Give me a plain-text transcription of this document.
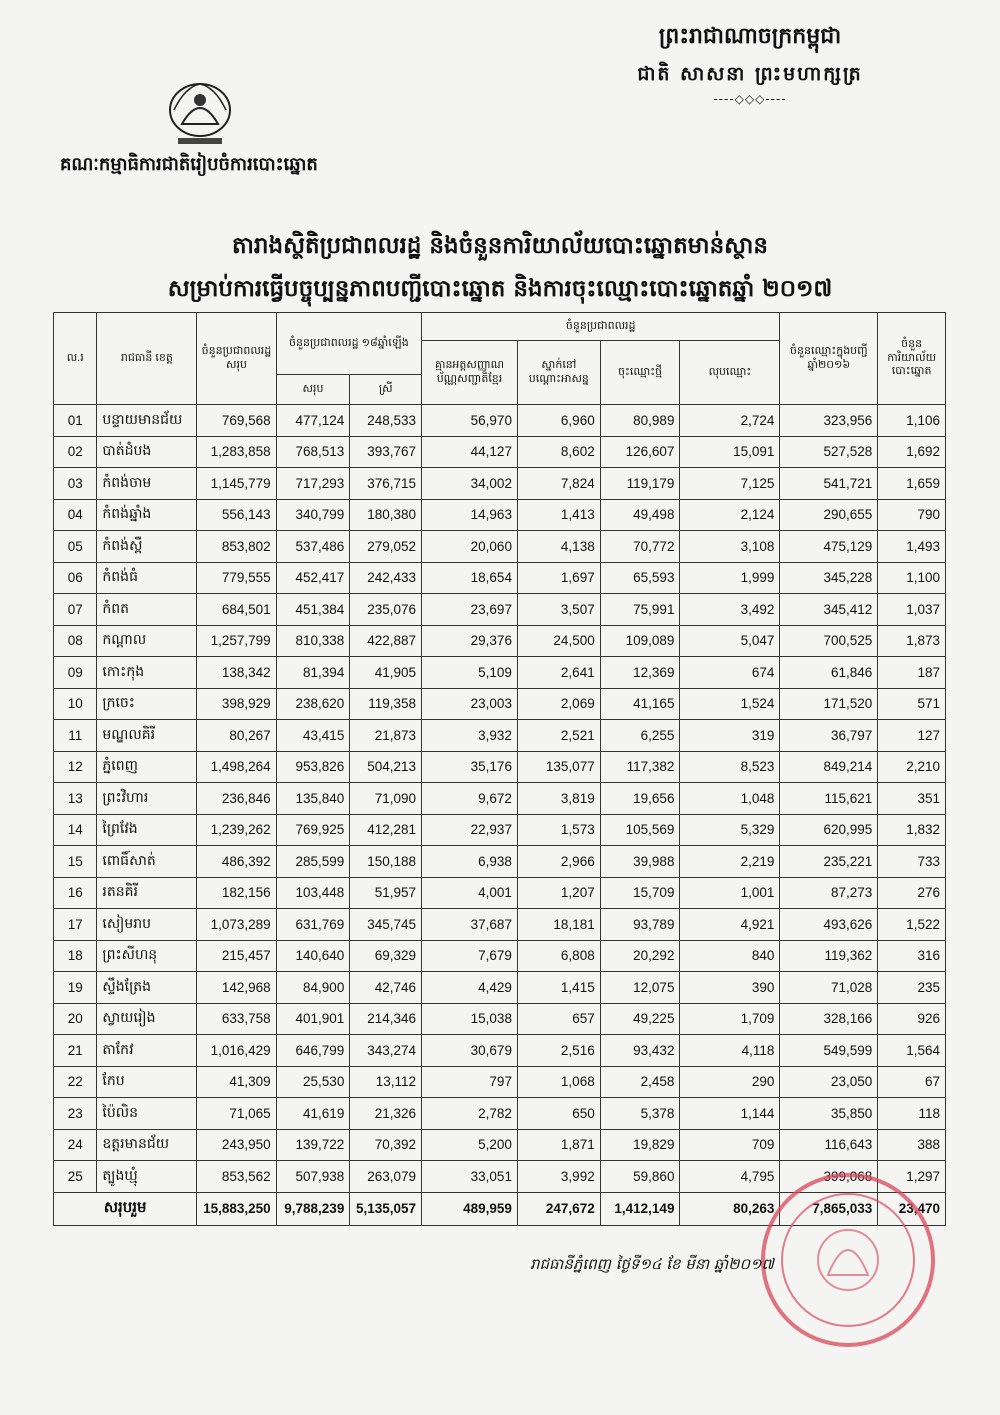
ព្រះរាជាណាចក្រកម្ពុជា
ជាតិ សាសនា ព្រះមហាក្សត្រ
----◇◇◇----
គណៈកម្មាធិការជាតិរៀបចំការបោះឆ្នោត
តារាងស្ថិតិប្រជាពលរដ្ឋ និងចំនួនការិយាល័យបោះឆ្នោតមាន់ស្ថាន
សម្រាប់ការធ្វើបច្ចុប្បន្នភាពបញ្ជីបោះឆ្នោត និងការចុះឈ្មោះបោះឆ្នោតឆ្នាំ ២០១៧
ល.រ	រាជធានី ខេត្ត	ចំនួនប្រជាពលរដ្ឋសរុប	ចំនួនប្រជាពលរដ្ឋ ១៨ឆ្នាំឡើង		ចំនួនប្រជាពលរដ្ឋ				ចំនួនឈ្មោះក្នុងបញ្ជីឆ្នាំ២០១៦	ចំនួនការិយាល័យបោះឆ្នោត
					គ្មានអត្តសញ្ញាណប័ណ្ណសញ្ជាតិខ្មែរ	ស្នាក់នៅបណ្ដោះអាសន្ន	ចុះឈ្មោះថ្មី	លុបឈ្មោះ		
			សរុប	ស្រី						
01	បន្ទាយមានជ័យ	769,568	477,124	248,533	56,970	6,960	80,989	2,724	323,956	1,106
02	បាត់ដំបង	1,283,858	768,513	393,767	44,127	8,602	126,607	15,091	527,528	1,692
03	កំពង់ចាម	1,145,779	717,293	376,715	34,002	7,824	119,179	7,125	541,721	1,659
04	កំពង់ឆ្នាំង	556,143	340,799	180,380	14,963	1,413	49,498	2,124	290,655	790
05	កំពង់ស្ពឺ	853,802	537,486	279,052	20,060	4,138	70,772	3,108	475,129	1,493
06	កំពង់ធំ	779,555	452,417	242,433	18,654	1,697	65,593	1,999	345,228	1,100
07	កំពត	684,501	451,384	235,076	23,697	3,507	75,991	3,492	345,412	1,037
08	កណ្ដាល	1,257,799	810,338	422,887	29,376	24,500	109,089	5,047	700,525	1,873
09	កោះកុង	138,342	81,394	41,905	5,109	2,641	12,369	674	61,846	187
10	ក្រចេះ	398,929	238,620	119,358	23,003	2,069	41,165	1,524	171,520	571
11	មណ្ឌលគិរី	80,267	43,415	21,873	3,932	2,521	6,255	319	36,797	127
12	ភ្នំពេញ	1,498,264	953,826	504,213	35,176	135,077	117,382	8,523	849,214	2,210
13	ព្រះវិហារ	236,846	135,840	71,090	9,672	3,819	19,656	1,048	115,621	351
14	ព្រៃវែង	1,239,262	769,925	412,281	22,937	1,573	105,569	5,329	620,995	1,832
15	ពោធិ៍សាត់	486,392	285,599	150,188	6,938	2,966	39,988	2,219	235,221	733
16	រតនគិរី	182,156	103,448	51,957	4,001	1,207	15,709	1,001	87,273	276
17	សៀមរាប	1,073,289	631,769	345,745	37,687	18,181	93,789	4,921	493,626	1,522
18	ព្រះសីហនុ	215,457	140,640	69,329	7,679	6,808	20,292	840	119,362	316
19	ស្ទឹងត្រែង	142,968	84,900	42,746	4,429	1,415	12,075	390	71,028	235
20	ស្វាយរៀង	633,758	401,901	214,346	15,038	657	49,225	1,709	328,166	926
21	តាកែវ	1,016,429	646,799	343,274	30,679	2,516	93,432	4,118	549,599	1,564
22	កែប	41,309	25,530	13,112	797	1,068	2,458	290	23,050	67
23	ប៉ៃលិន	71,065	41,619	21,326	2,782	650	5,378	1,144	35,850	118
24	ឧត្ដរមានជ័យ	243,950	139,722	70,392	5,200	1,871	19,829	709	116,643	388
25	ត្បូងឃ្មុំ	853,562	507,938	263,079	33,051	3,992	59,860	4,795	399,068	1,297
សរុបរួម		15,883,250	9,788,239	5,135,057	489,959	247,672	1,412,149	80,263	7,865,033	23,470
រាជធានីភ្នំពេញ ថ្ងៃទី១៤ ខែ មីនា ឆ្នាំ២០១៧
